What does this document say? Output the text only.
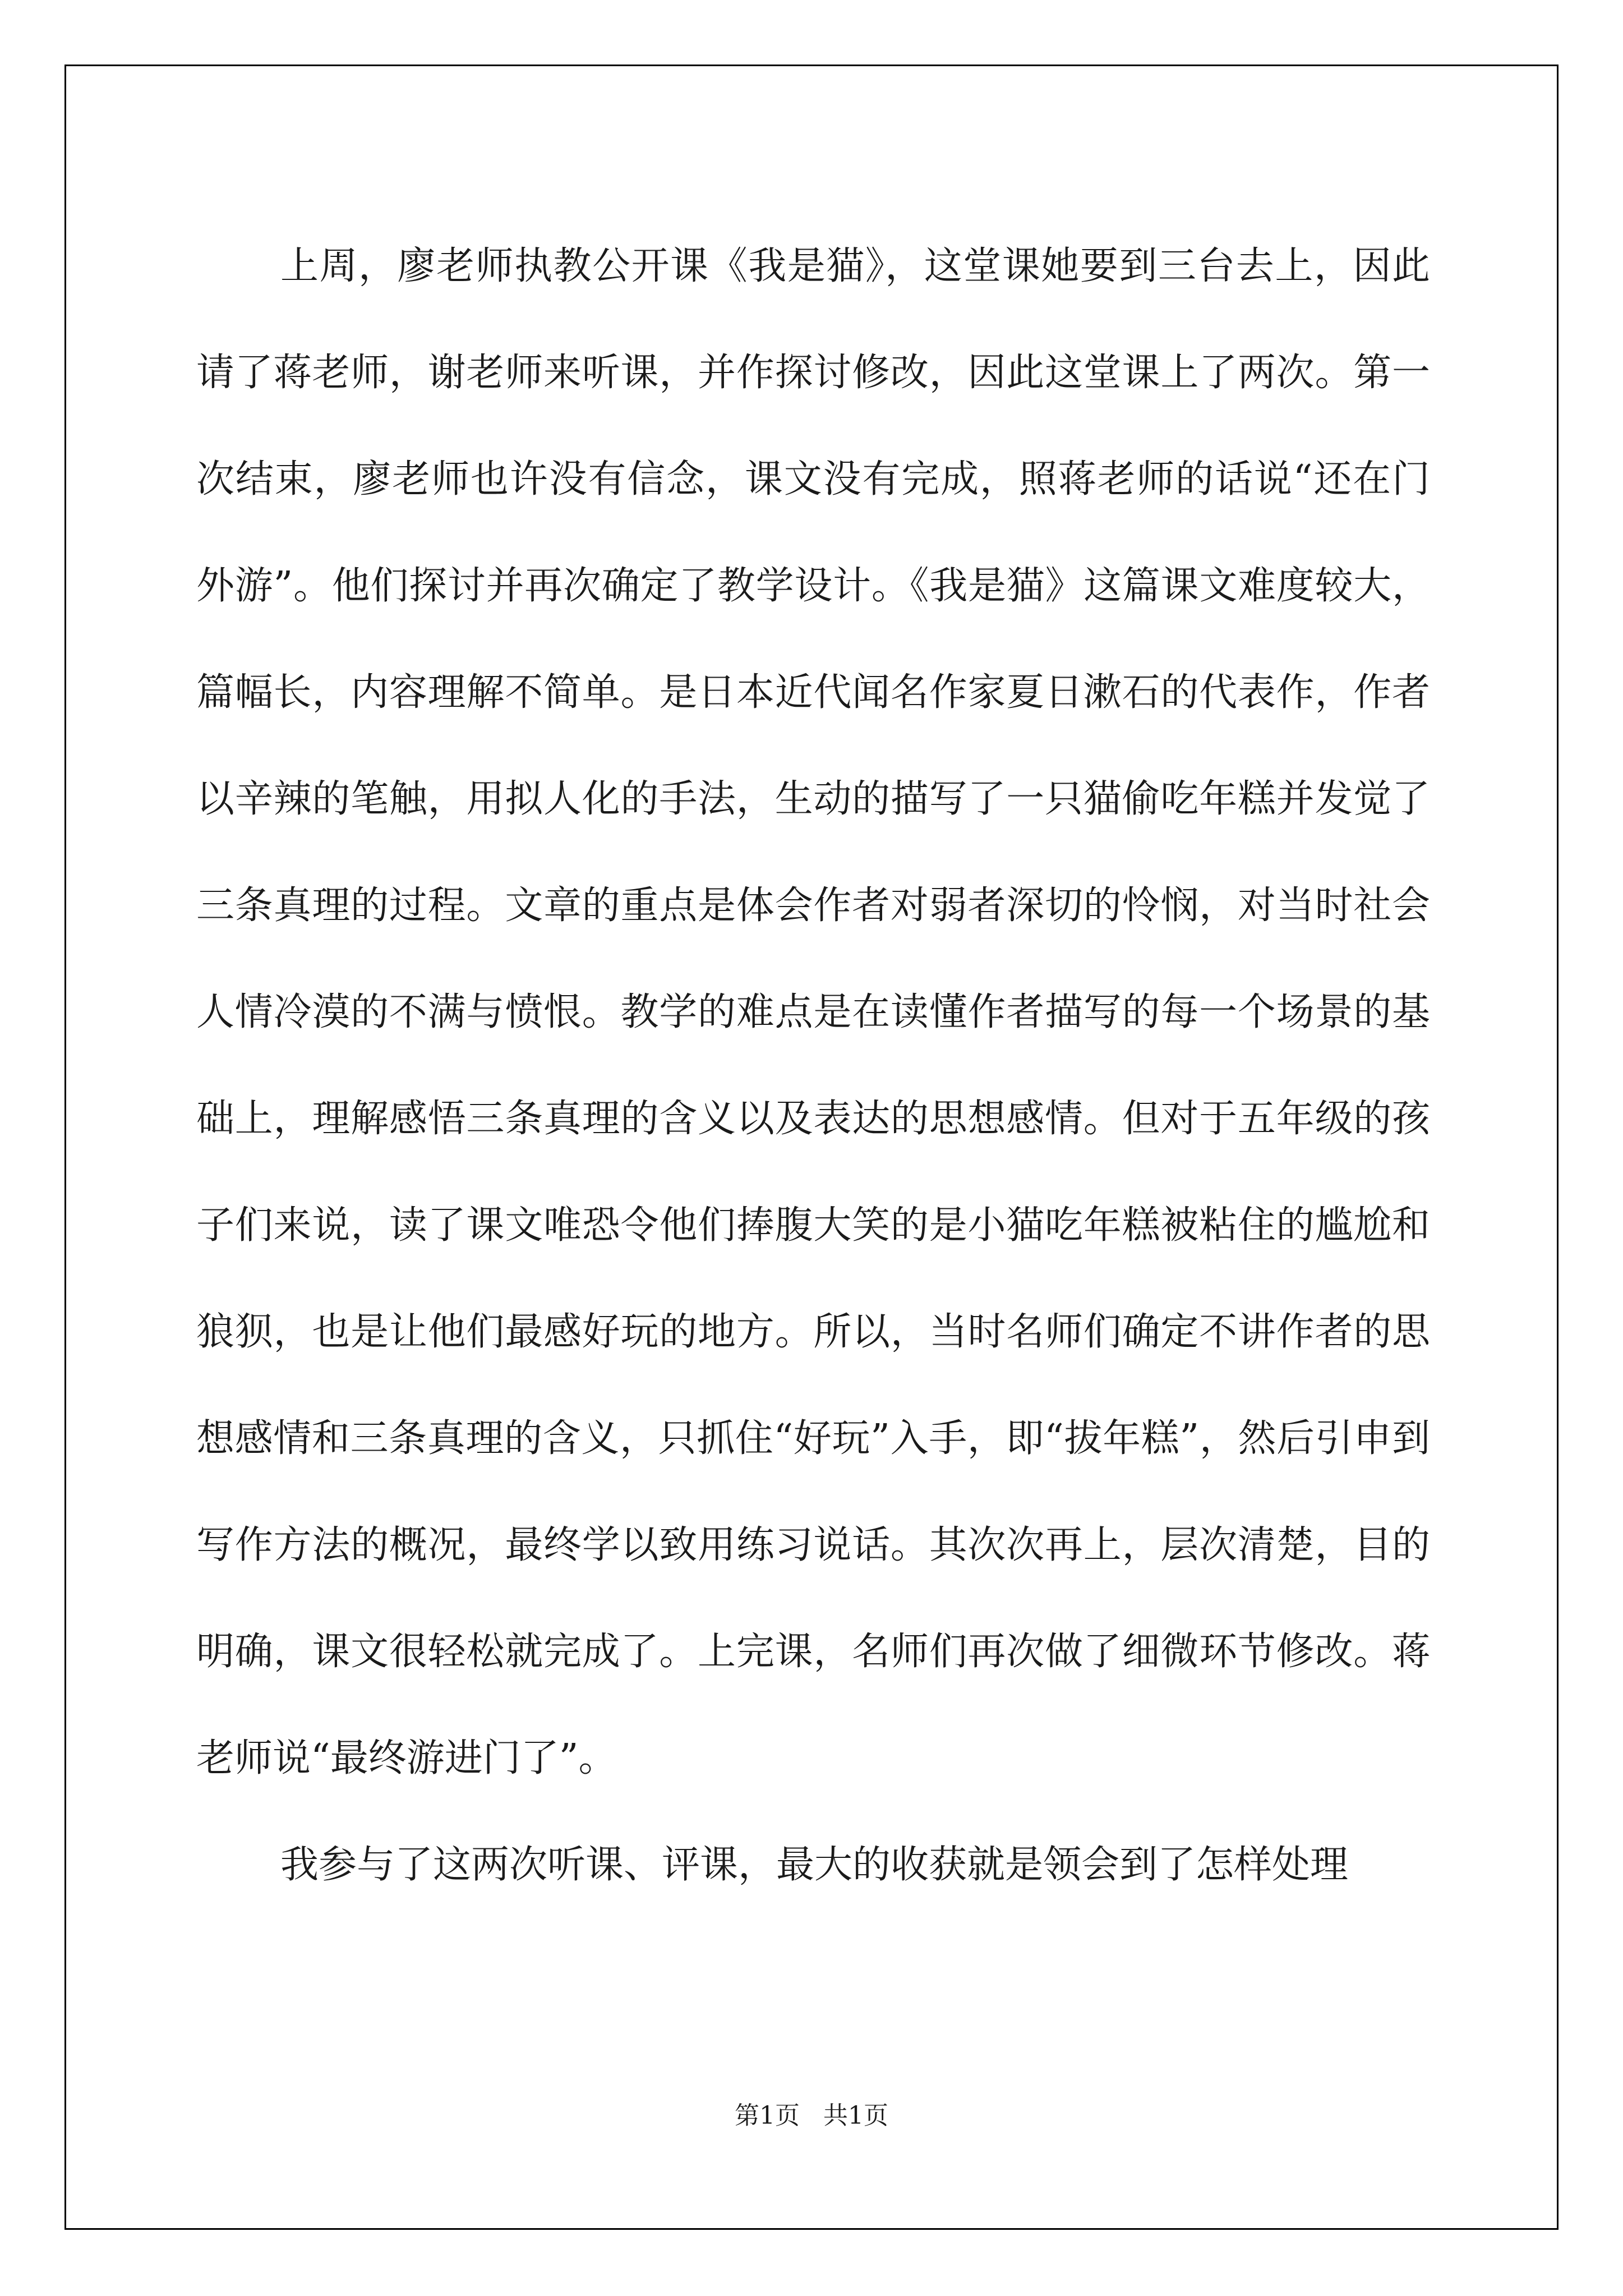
上周，廖老师执教公开课《我是猫》，这堂课她要到三台去上，因此请了蒋老师，谢老师来听课，并作探讨修改，因此这堂课上了两次。第一次结束，廖老师也许没有信念，课文没有完成，照蒋老师的话说“还在门外游”。他们探讨并再次确定了教学设计。《我是猫》这篇课文难度较大，篇幅长，内容理解不简单。是日本近代闻名作家夏日漱石的代表作，作者以辛辣的笔触，用拟人化的手法，生动的描写了一只猫偷吃年糕并发觉了三条真理的过程。文章的重点是体会作者对弱者深切的怜悯，对当时社会人情冷漠的不满与愤恨。教学的难点是在读懂作者描写的每一个场景的基础上，理解感悟三条真理的含义以及表达的思想感情。但对于五年级的孩子们来说，读了课文唯恐令他们捧腹大笑的是小猫吃年糕被粘住的尴尬和狼狈，也是让他们最感好玩的地方。所以，当时名师们确定不讲作者的思想感情和三条真理的含义，只抓住“好玩”入手，即“拔年糕”，然后引申到写作方法的概况，最终学以致用练习说话。其次次再上，层次清楚，目的明确，课文很轻松就完成了。上完课，名师们再次做了细微环节修改。蒋老师说“最终游进门了”。

我参与了这两次听课、评课，最大的收获就是领会到了怎样处理

第1页   共1页
